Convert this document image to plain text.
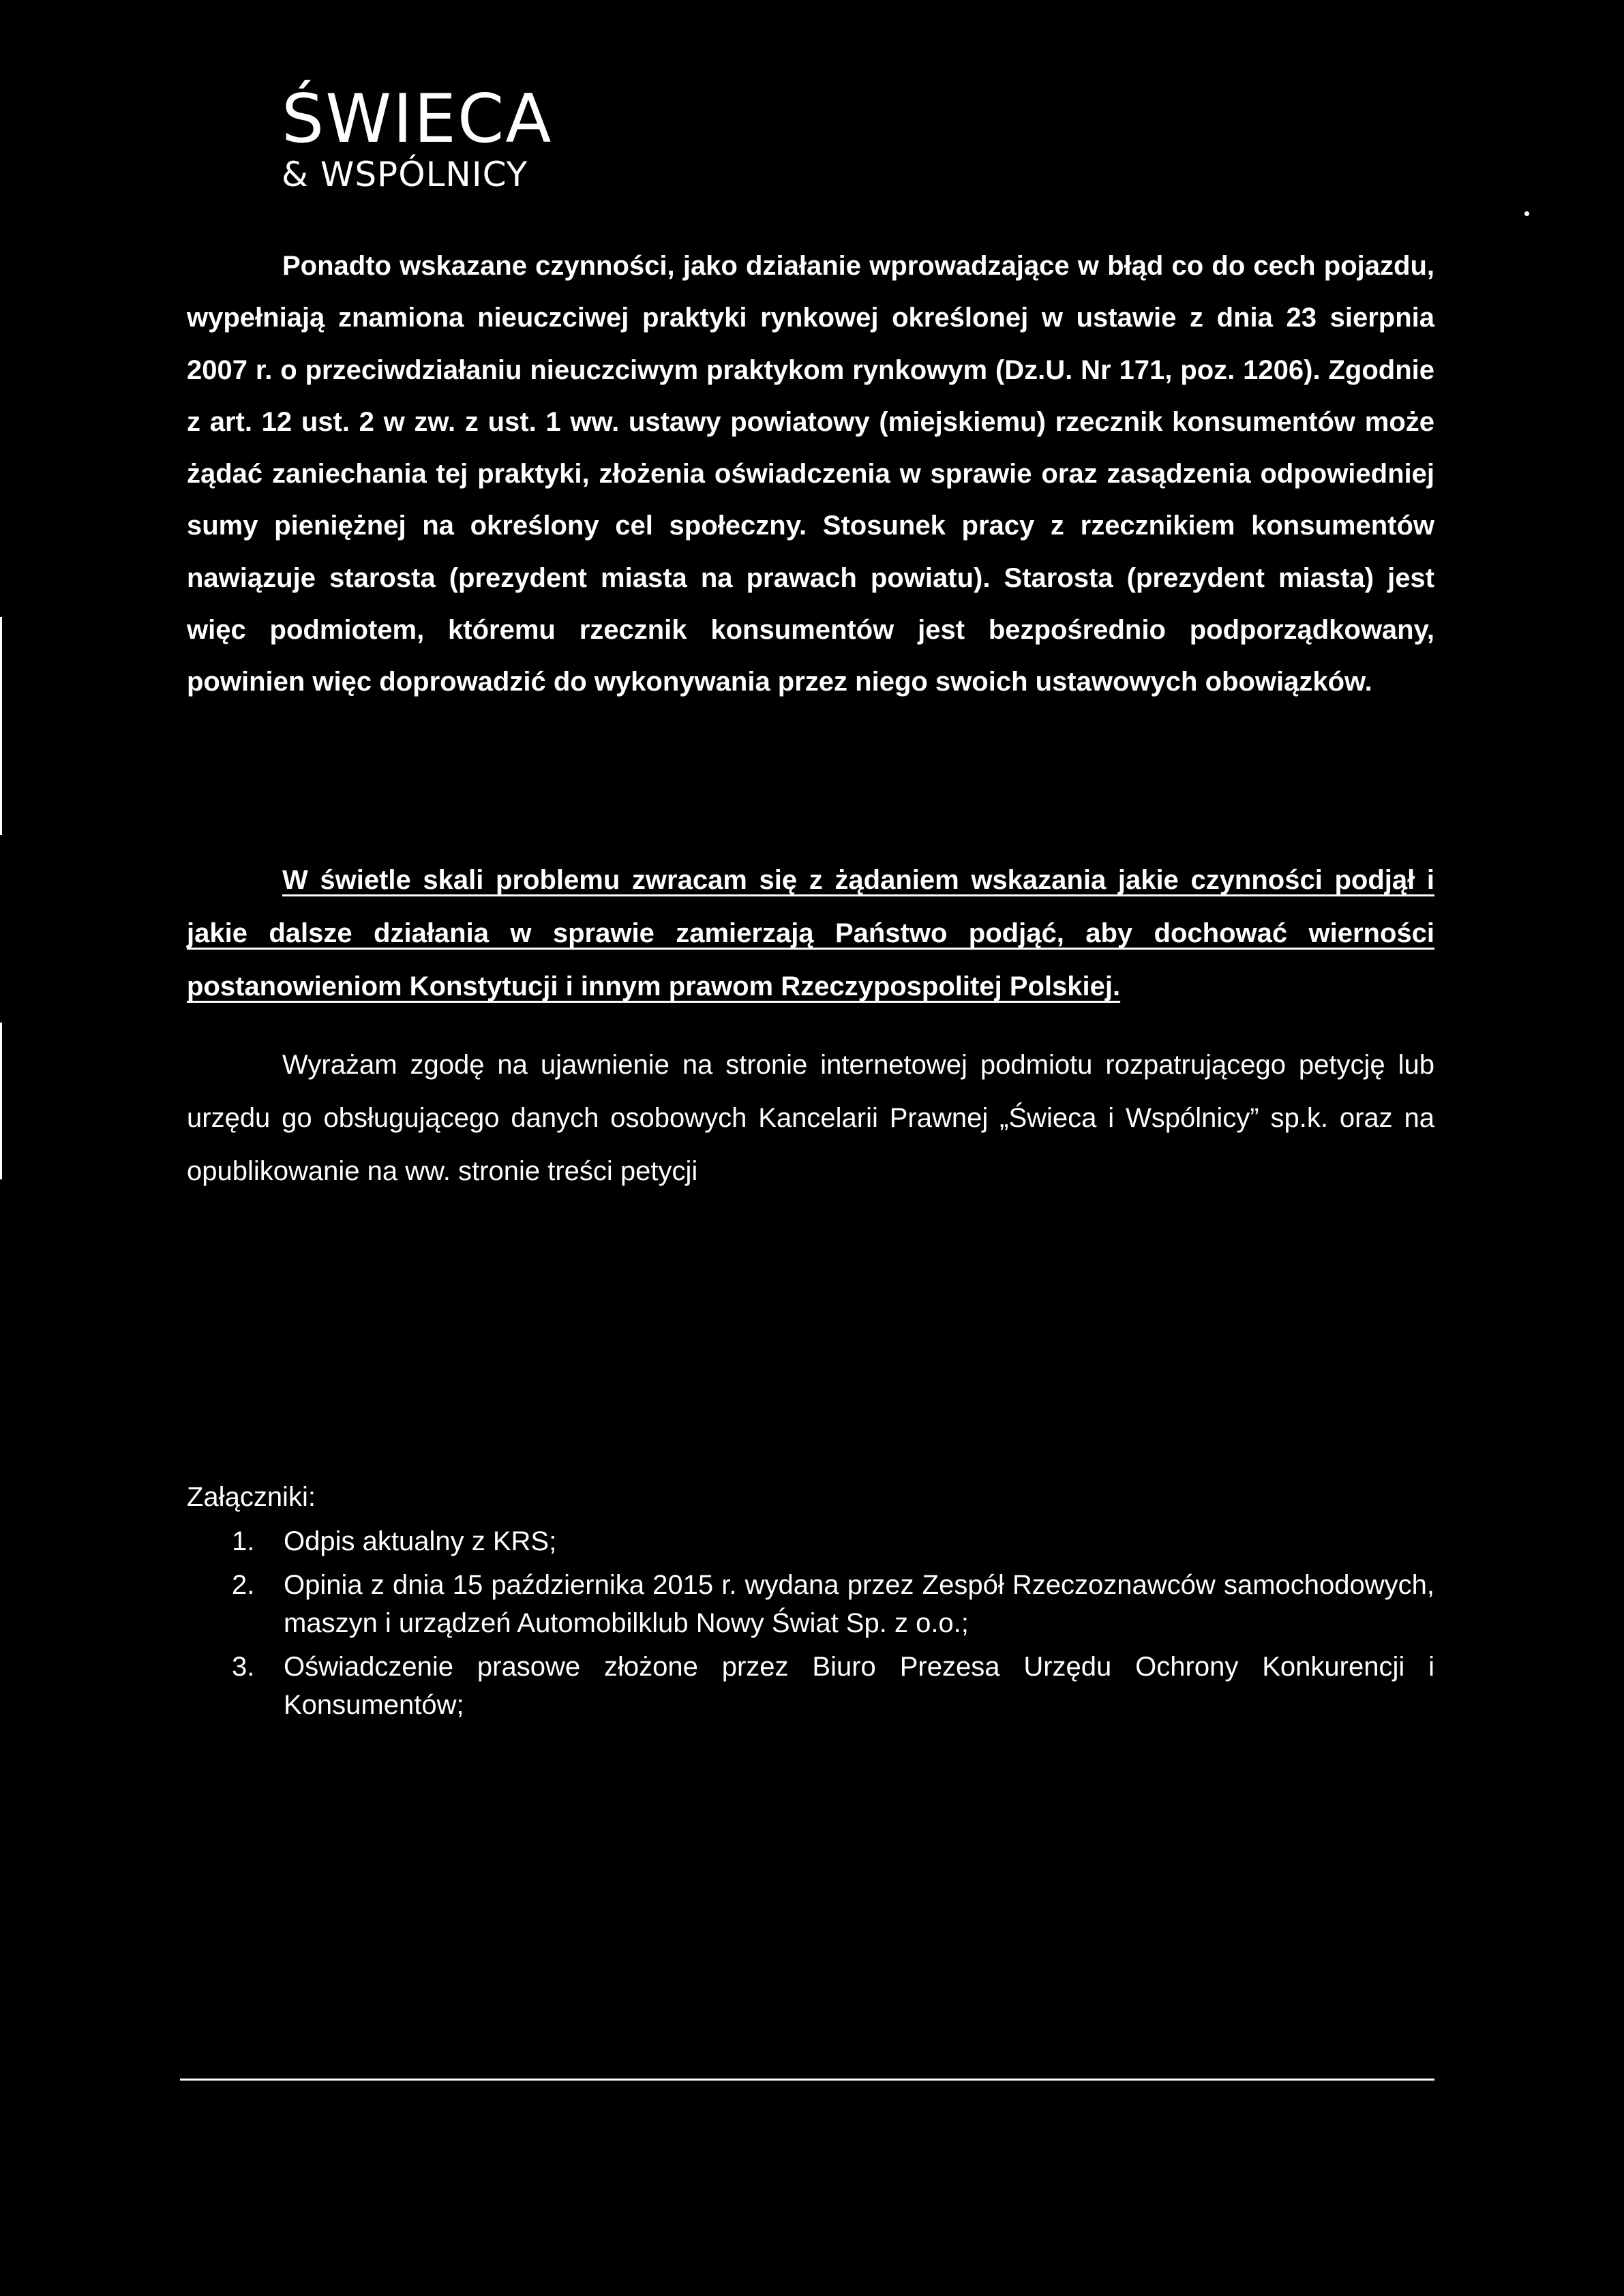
ŚWIECA
& WSPÓLNICY
•

Ponadto wskazane czynności, jako działanie wprowadzające w błąd co do cech pojazdu, wypełniają znamiona nieuczciwej praktyki rynkowej określonej w ustawie z dnia 23 sierpnia 2007 r. o przeciwdziałaniu nieuczciwym praktykom rynkowym (Dz.U. Nr 171, poz. 1206). Zgodnie z art. 12 ust. 2 w zw. z ust. 1 ww. ustawy powiatowy (miejskiemu) rzecznik konsumentów może żądać zaniechania tej praktyki, złożenia oświadczenia w sprawie oraz zasądzenia odpowiedniej sumy pieniężnej na określony cel społeczny. Stosunek pracy z rzecznikiem konsumentów nawiązuje starosta (prezydent miasta na prawach powiatu). Starosta (prezydent miasta) jest więc podmiotem, któremu rzecznik konsumentów jest bezpośrednio podporządkowany, powinien więc doprowadzić do wykonywania przez niego swoich ustawowych obowiązków.

W świetle skali problemu zwracam się z żądaniem wskazania jakie czynności podjął i jakie dalsze działania w sprawie zamierzają Państwo podjąć, aby dochować wierności postanowieniom Konstytucji i innym prawom Rzeczypospolitej Polskiej.

Wyrażam zgodę na ujawnienie na stronie internetowej podmiotu rozpatrującego petycję lub urzędu go obsługującego danych osobowych Kancelarii Prawnej „Świeca i Wspólnicy” sp.k. oraz na opublikowanie na ww. stronie treści petycji

Załączniki:

1. Odpis aktualny z KRS;
2. Opinia z dnia 15 października 2015 r. wydana przez Zespół Rzeczoznawców samochodowych, maszyn i urządzeń Automobilklub Nowy Świat Sp. z o.o.;
3. Oświadczenie prasowe złożone przez Biuro Prezesa Urzędu Ochrony Konkurencji i Konsumentów;
